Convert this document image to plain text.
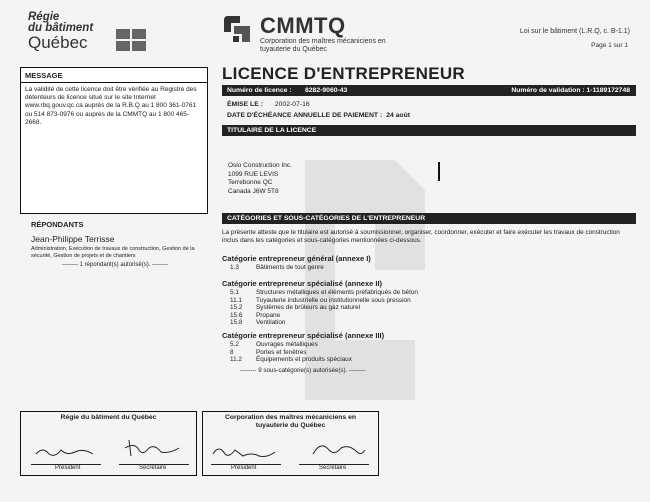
Régie
du bâtiment
Québec
CMMTQ
Corporation des maîtres mécaniciens en tuyauterie du Québec
Loi sur le bâtiment (L.R.Q, c. B-1.1)
Page 1 sur 1
MESSAGE
La validité de cette licence doit être vérifiée au Registre des détenteurs de licence situé sur le site Internet www.rbq.gouv.qc.ca auprès de la R.B.Q au 1 800 361-0761 ou 514 873-0976 ou auprès de la CMMTQ au 1 800 465-2668.
RÉPONDANTS
Jean-Philippe Terrisse
Administration, Exécution de travaux de construction, Gestion de la sécurité, Gestion de projets et de chantiers
-------- 1 répondant(s) autorisé(s). --------
LICENCE D'ENTREPRENEUR
Numéro de licence : 8282-9060-43	Numéro de validation : 1-1189172748
ÉMISE LE : 2002-07-16
DATE D'ÉCHÉANCE ANNUELLE DE PAIEMENT : 24 août
TITULAIRE DE LA LICENCE
Oslo Construction Inc.
1099 RUE LEVIS
Terrebonne QC
Canada J6W 5T8
CATÉGORIES ET SOUS-CATÉGORIES DE L'ENTREPRENEUR
La présente atteste que le titulaire est autorisé à soumissionner, organiser, coordonner, exécuter et faire exécuter les travaux de construction inclus dans les catégories et sous-catégories mentionnées ci-dessous.
Catégorie entrepreneur général (annexe I)
1.3	Bâtiments de tout genre
Catégorie entrepreneur spécialisé (annexe II)
5.1	Structures métalliques et éléments préfabriqués de béton
11.1 Tuyauterie industrielle ou institutionnelle sous pression
15.2 Systèmes de brûleurs au gaz naturel
15.6 Propane
15.8 Ventilation
Catégorie entrepreneur spécialisé (annexe III)
5.2	Ouvrages métalliques
8	Portes et fenêtres
11.2 Équipements et produits spéciaux
-------- 9 sous-catégorie(s) autorisée(s). --------
Régie du bâtiment du Québec
Président	Secrétaire
Corporation des maîtres mécaniciens en tuyauterie du Québec
Président	Secrétaire
